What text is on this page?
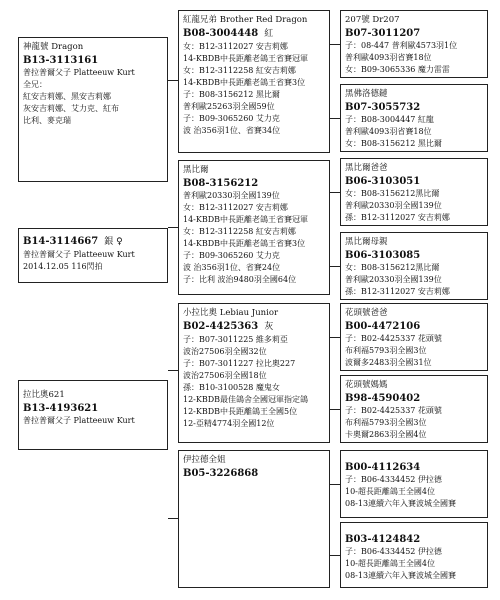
神龍號 Dragon
B13-3113161
普拉普爾父子 Platteeuw Kurt
全兄：
紅安吉莉娜、黑安吉莉娜
灰安吉莉娜、艾力克、紅布
比利、麥克瑞
B14-3114667 銀 ♀
普拉普爾父子 Platteeuw Kurt
2014.12.05 116閃拍
拉比奧621
B13-4193621
普拉普爾父子 Platteeuw Kurt
紅龍兄弟 Brother Red Dragon
B08-3004448 紅
女：B12-3112027 安吉莉娜
14-KBDB中長距離老鴿王省賽冠軍
女：B12-3112258 紅安吉莉娜
14-KBDB中長距離老鴿王省賽3位
子：B08-3156212 黑比爾
普利歐25263羽全國59位
子：B09-3065260 艾力克
波 治356羽1位、省賽34位
黑比爾
B08-3156212
普利歐20330羽全國139位
女：B12-3112027 安吉莉娜
14-KBDB中長距離老鴿王省賽冠軍
女：B12-3112258 紅安吉莉娜
14-KBDB中長距離老鴿王省賽3位
子：B09-3065260 艾力克
波 治356羽1位、省賽24位
子：比利 波治9480羽全國64位
小拉比奧 Lebiau Junior
B02-4425363 灰
子：B07-3011225 維多莉亞
波治27506羽全國32位
子：B07-3011227 拉比奧227
波治27506羽全國18位
孫：B10-3100528 魔鬼女
12-KBDB最佳鴿舍全國冠軍指定鴿
12-KBDB中長距離鴿王全國5位
12-亞精4774羽全國12位
伊拉德全姐
B05-3226868
207號 Dr207
B07-3011207
子：08-447 普利歐4573羽1位
普利歐4093羽省賽18位
女：B09-3065336 魔力雷雷
黑佛洛德鏈
B07-3055732
子：B08-3004447 紅龍
普利歐4093羽省賽18位
女：B08-3156212 黑比爾
黑比爾爸爸
B06-3103051
女：B08-3156212黑比爾
普利歐20330羽全國139位
孫：B12-3112027 安吉莉娜
黑比爾母親
B06-3103085
女：B08-3156212黑比爾
普利歐20330羽全國139位
孫：B12-3112027 安吉莉娜
花頭號爸爸
B00-4472106
子：B02-4425337 花頭號
布利福5793羽全國3位
波爾多2483羽全國31位
花頭號媽媽
B98-4590402
子：B02-4425337 花頭號
布利福5793羽全國3位
卡奧爾2863羽全國4位
B00-4112634
子：B06-4334452 伊拉德
10-超長距離鴿王全國4位
08-13連續六年入賽波城全國賽
B03-4124842
子：B06-4334452 伊拉德
10-超長距離鴿王全國4位
08-13連續六年入賽波城全國賽
